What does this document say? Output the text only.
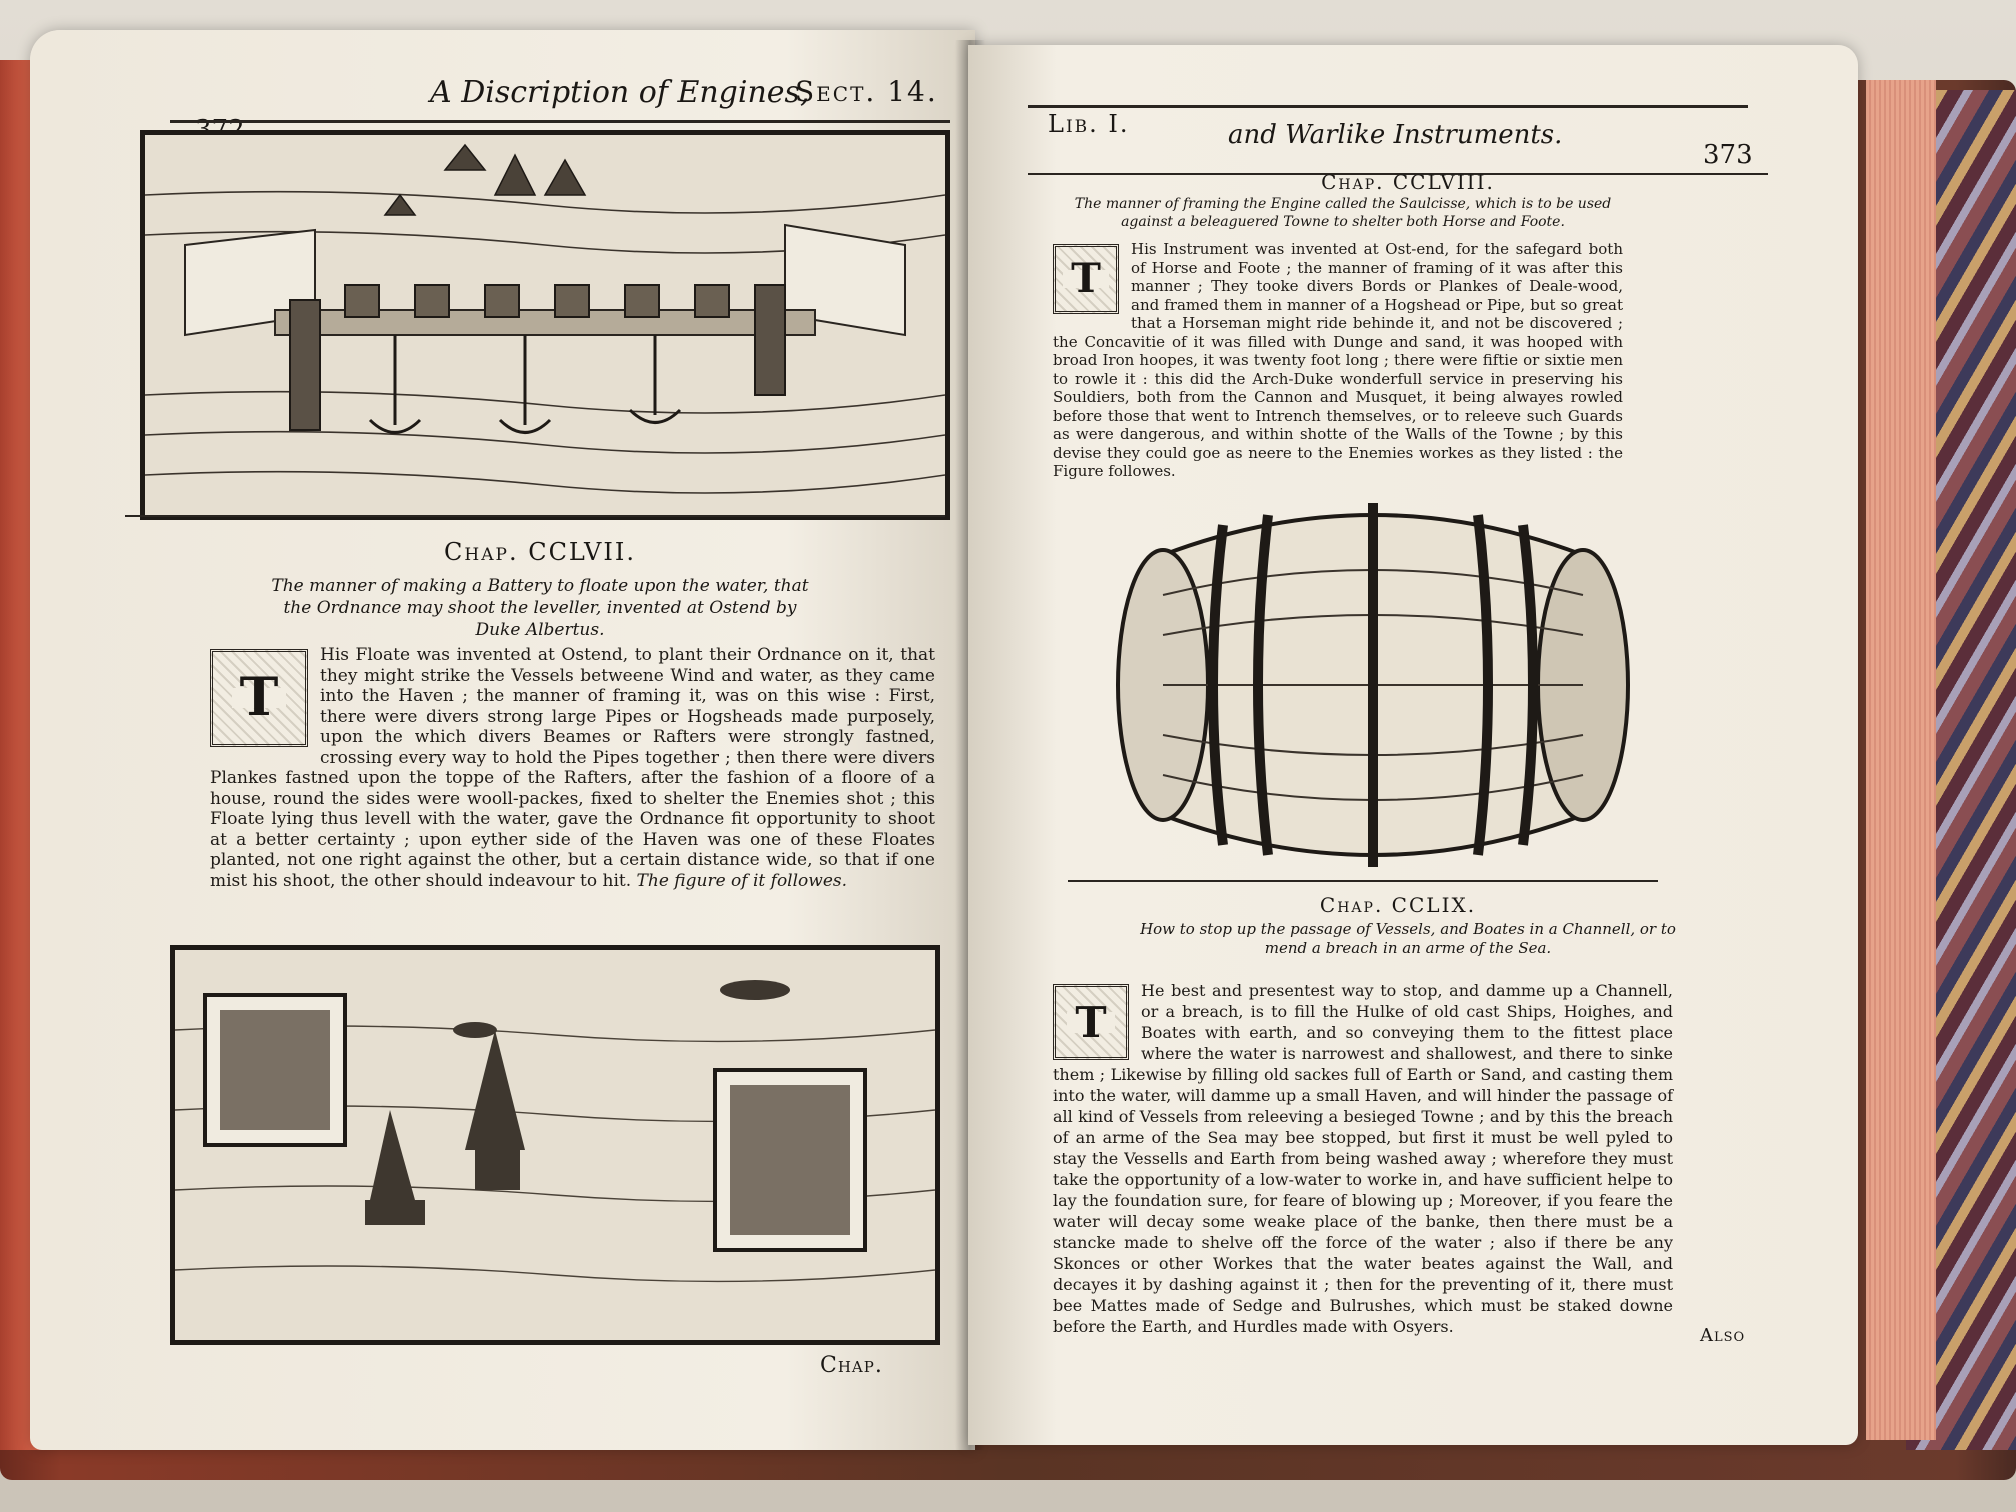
A Discription of Engines,
Sect. 14.
Chap. CCLVII.
The manner of making a Battery to floate upon the water, that the Ordnance may shoot the leveller, invented at Ostend by Duke Albertus.
T
His Floate was invented at Ostend, to plant their Ordnance on it, that they might strike the Vessels betweene Wind and water, as they came into the Haven ; the manner of framing it, was on this wise : First, there were divers strong large Pipes or Hogsheads made purposely, upon the which divers Beames or Rafters were strongly fastned, crossing every way to hold the Pipes together ; then there were divers Plankes fastned upon the toppe of the Rafters, after the fashion of a floore of a house, round the sides were wooll-packes, fixed to shelter the Enemies shot ; this Floate lying thus levell with the water, gave the Ordnance fit opportunity to shoot at a better certainty ; upon eyther side of the Haven was one of these Floates planted, not one right against the other, but a certain distance wide, so that if one mist his shoot, the other should indeavour to hit. The figure of it followes.
Chap.
Lib. I.	and Warlike Instruments.
373
Chap. CCLVIII.
The manner of framing the Engine called the Saulcisse, which is to be used against a beleaguered Towne to shelter both Horse and Foote.
T
His Instrument was invented at Ost-end, for the safegard both of Horse and Foote ; the manner of framing of it was after this manner ; They tooke divers Bords or Plankes of Deale-wood, and framed them in manner of a Hogshead or Pipe, but so great that a Horseman might ride behinde it, and not be discovered ; the Concavitie of it was filled with Dunge and sand, it was hooped with broad Iron hoopes, it was twenty foot long ; there were fiftie or sixtie men to rowle it : this did the Arch-Duke wonderfull service in preserving his Souldiers, both from the Cannon and Musquet, it being alwayes rowled before those that went to Intrench themselves, or to releeve such Guards as were dangerous, and within shotte of the Walls of the Towne ; by this devise they could goe as neere to the Enemies workes as they listed : the Figure followes.
Chap. CCLIX.
How to stop up the passage of Vessels, and Boates in a Channell, or to mend a breach in an arme of the Sea.
T
He best and presentest way to stop, and damme up a Channell, or a breach, is to fill the Hulke of old cast Ships, Hoighes, and Boates with earth, and so conveying them to the fittest place where the water is narrowest and shallowest, and there to sinke them ; Likewise by filling old sackes full of Earth or Sand, and casting them into the water, will damme up a small Haven, and will hinder the passage of all kind of Vessels from releeving a besieged Towne ; and by this the breach of an arme of the Sea may bee stopped, but first it must be well pyled to stay the Vessells and Earth from being washed away ; wherefore they must take the opportunity of a low-water to worke in, and have sufficient helpe to lay the foundation sure, for feare of blowing up ; Moreover, if you feare the water will decay some weake place of the banke, then there must be a stancke made to shelve off the force of the water ; also if there be any Skonces or other Workes that the water beates against the Wall, and decayes it by dashing against it ; then for the preventing of it, there must bee Mattes made of Sedge and Bulrushes, which must be staked downe before the Earth, and Hurdles made with Osyers.	Also
